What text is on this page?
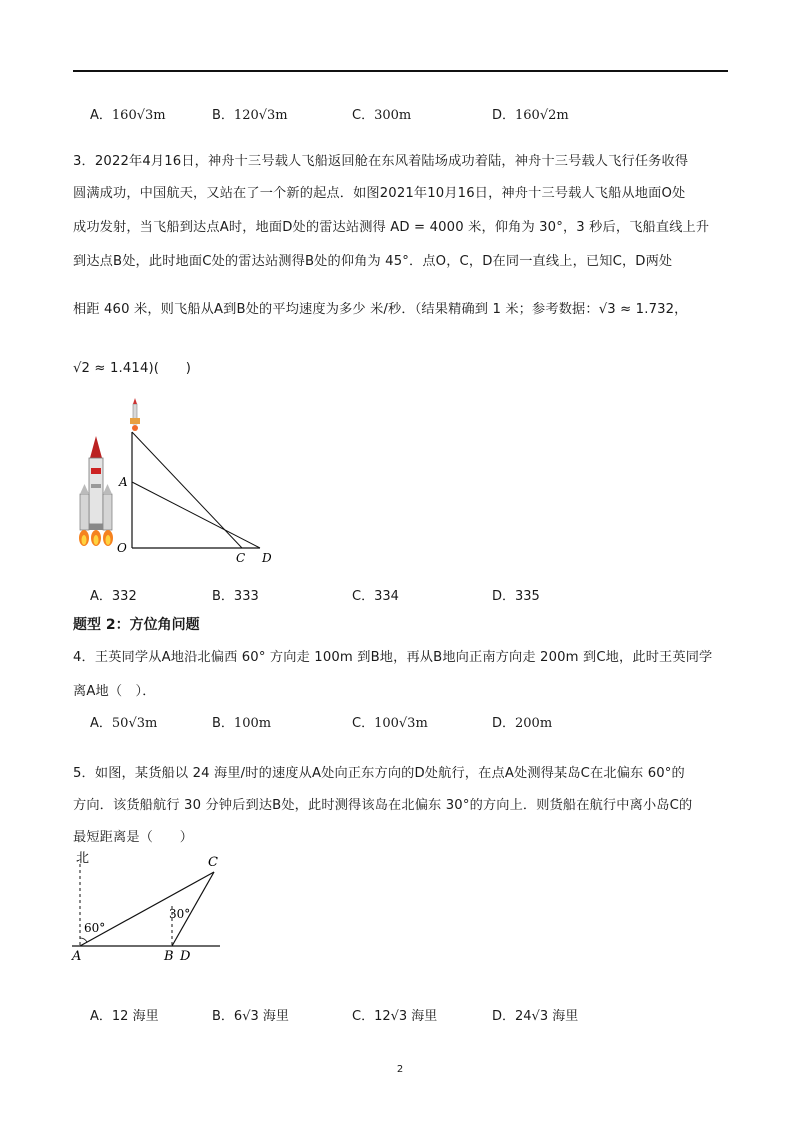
A．160√3m	B．120√3m	C．300m	D．160√2m
3．2022年4月16日，神舟十三号载人飞船返回舱在东风着陆场成功着陆，神舟十三号载人飞行任务收得
圆满成功，中国航天，又站在了一个新的起点．如图2021年10月16日，神舟十三号载人飞船从地面O处
成功发射，当飞船到达点A时，地面D处的雷达站测得 AD = 4000 米，仰角为 30°，3 秒后，飞船直线上升
到达点B处，此时地面C处的雷达站测得B处的仰角为 45°．点O，C，D在同一直线上，已知C，D两处
相距 460 米，则飞船从A到B处的平均速度为多少 米/秒．（结果精确到 1 米；参考数据：√3 ≈ 1.732，
√2 ≈ 1.414)(　　)
A
O
C D
A．332	B．333	C．334	D．335
题型 2：方位角问题
4．王英同学从A地沿北偏西 60° 方向走 100m 到B地，再从B地向正南方向走 200m 到C地，此时王英同学
离A地（　）．
A．50√3m	B．100m	C．100√3m	D．200m
5．如图，某货船以 24 海里/时的速度从A处向正东方向的D处航行，在点A处测得某岛C在北偏东 60°的
方向．该货船航行 30 分钟后到达B处，此时测得该岛在北偏东 30°的方向上．则货船在航行中离小岛C的
最短距离是（　　）
北	C
60°
30°
A	B D
A．12 海里	B．6√3 海里	C．12√3 海里	D．24√3 海里
2
